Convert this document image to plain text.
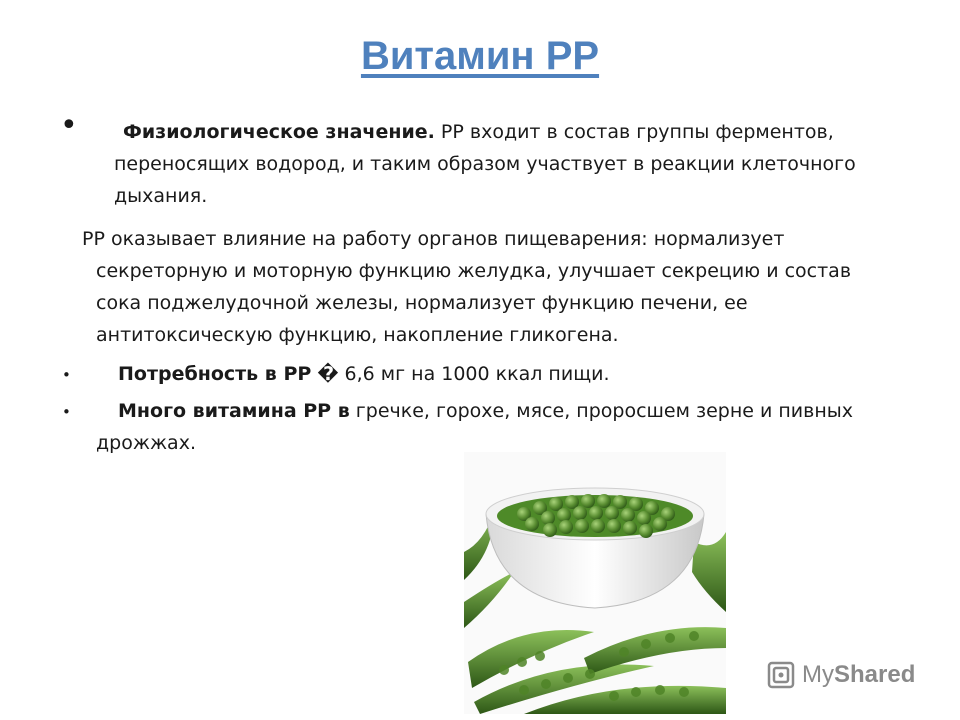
Витамин PP
•	Физиологическое значение. PP входит в состав группы ферментов,
переносящих водород, и таким образом участвует в реакции клеточного дыхания.
PP оказывает влияние на работу органов пищеварения: нормализует секреторную и моторную функцию желудка, улучшает секрецию и состав сока поджелудочной железы, нормализует функцию печени, ее антитоксическую функцию, накопление гликогена.
•	Потребность в PP � 6,6 мг на 1000 ккал пищи.
•	Много витамина PP в гречке, горохе, мясе, проросшем зерне и пивных дрожжах.
MyShared
